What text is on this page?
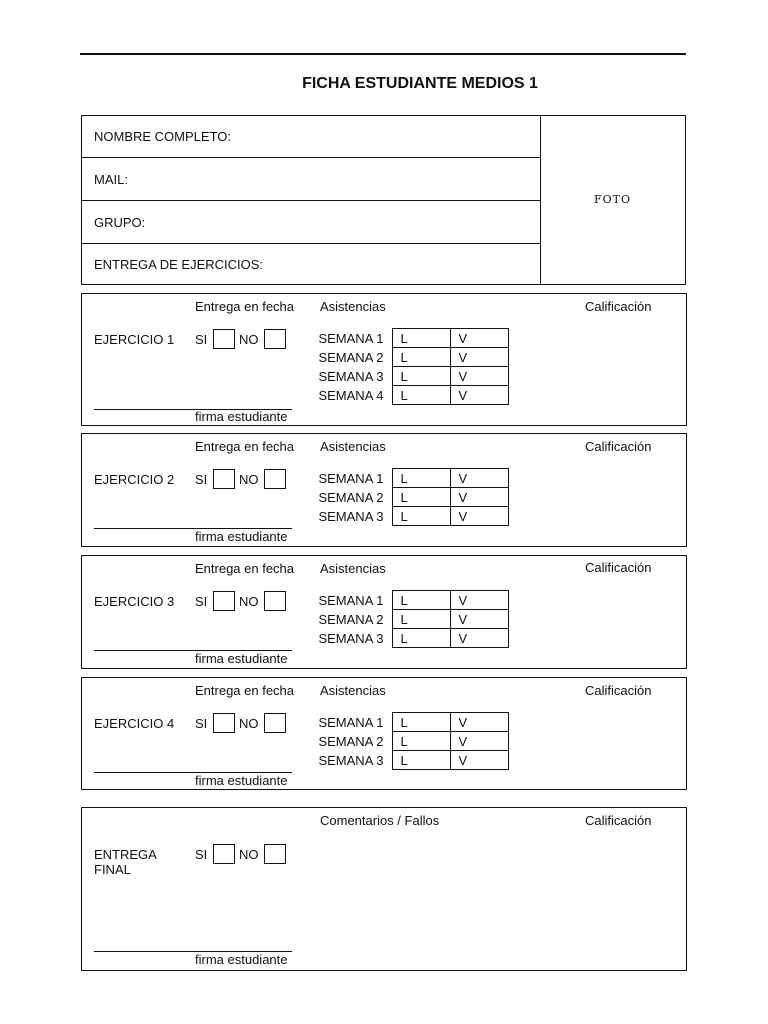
FICHA ESTUDIANTE MEDIOS 1
NOMBRE COMPLETO:
MAIL:
GRUPO:
ENTREGA DE EJERCICIOS:
FOTO
Entrega en fecha Asistencias	Calificación
EJERCICIO 1 SI NO	SEMANA 1	L	V
SEMANA 2	L	V
SEMANA 3	L	V
SEMANA 4	L	V
firma estudiante
Entrega en fecha Asistencias	Calificación
EJERCICIO 2 SI NO	SEMANA 1	L	V
SEMANA 2	L	V
SEMANA 3	L	V
firma estudiante
Entrega en fecha Asistencias	Calificación
EJERCICIO 3 SI NO	SEMANA 1	L	V
SEMANA 2	L	V
SEMANA 3	L	V
firma estudiante
Entrega en fecha Asistencias	Calificación
EJERCICIO 4 SI NO	SEMANA 1	L	V
SEMANA 2	L	V
SEMANA 3	L	V
firma estudiante
Comentarios / Fallos	Calificación
ENTREGA
FINAL
SI NO
firma estudiante
